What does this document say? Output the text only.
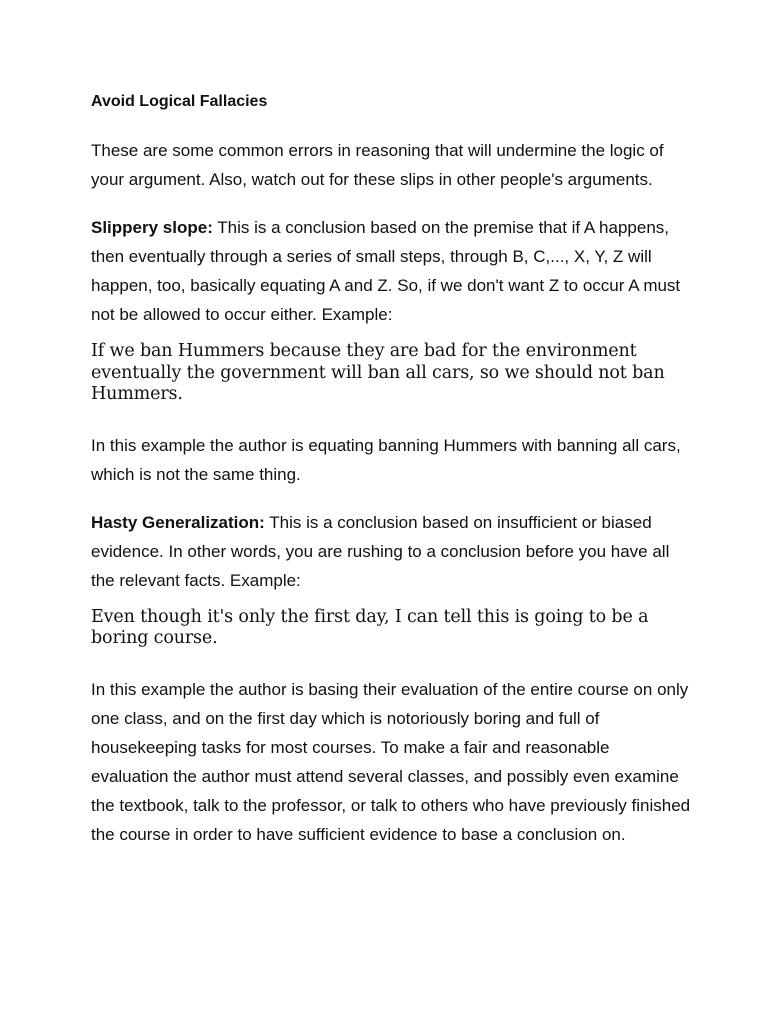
Avoid Logical Fallacies

These are some common errors in reasoning that will undermine the logic of your argument. Also, watch out for these slips in other people's arguments.

Slippery slope: This is a conclusion based on the premise that if A happens, then eventually through a series of small steps, through B, C,..., X, Y, Z will happen, too, basically equating A and Z. So, if we don't want Z to occur A must not be allowed to occur either. Example:

If we ban Hummers because they are bad for the environment eventually the government will ban all cars, so we should not ban Hummers.

In this example the author is equating banning Hummers with banning all cars, which is not the same thing.

Hasty Generalization: This is a conclusion based on insufficient or biased evidence. In other words, you are rushing to a conclusion before you have all the relevant facts. Example:

Even though it's only the first day, I can tell this is going to be a boring course.

In this example the author is basing their evaluation of the entire course on only one class, and on the first day which is notoriously boring and full of housekeeping tasks for most courses. To make a fair and reasonable evaluation the author must attend several classes, and possibly even examine the textbook, talk to the professor, or talk to others who have previously finished the course in order to have sufficient evidence to base a conclusion on.
